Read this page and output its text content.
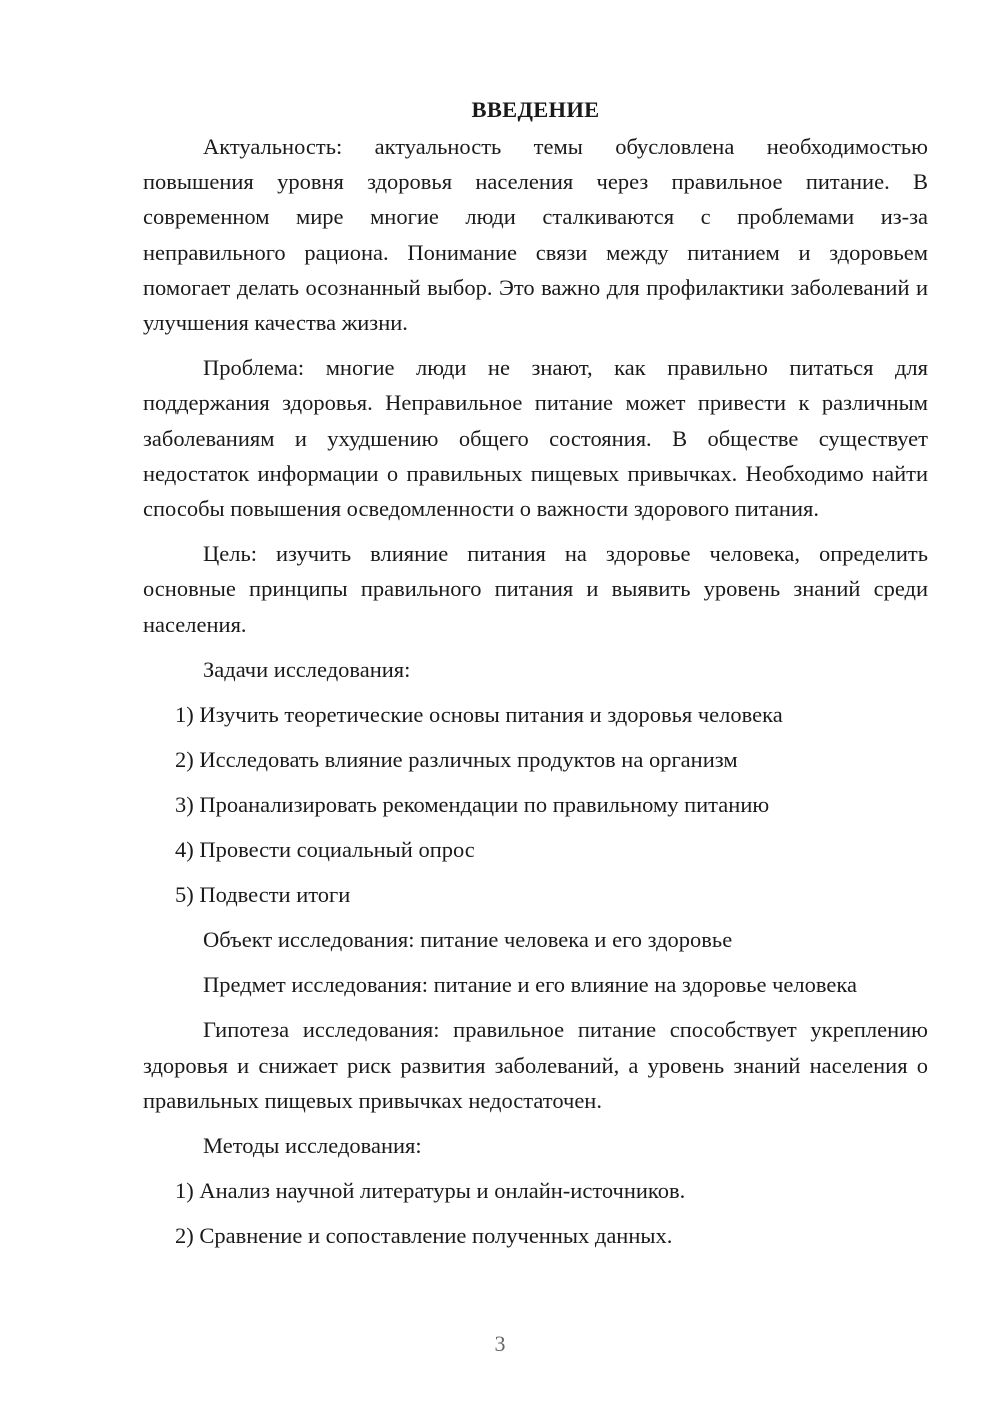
ВВЕДЕНИЕ

Актуальность: актуальность темы обусловлена необходимостью повышения уровня здоровья населения через правильное питание. В современном мире многие люди сталкиваются с проблемами из-за неправильного рациона. Понимание связи между питанием и здоровьем помогает делать осознанный выбор. Это важно для профилактики заболеваний и улучшения качества жизни.

Проблема: многие люди не знают, как правильно питаться для поддержания здоровья. Неправильное питание может привести к различным заболеваниям и ухудшению общего состояния. В обществе существует недостаток информации о правильных пищевых привычках. Необходимо найти способы повышения осведомленности о важности здорового питания.

Цель: изучить влияние питания на здоровье человека, определить основные принципы правильного питания и выявить уровень знаний среди населения.

Задачи исследования:

1) Изучить теоретические основы питания и здоровья человека
2) Исследовать влияние различных продуктов на организм
3) Проанализировать рекомендации по правильному питанию
4) Провести социальный опрос
5) Подвести итоги

Объект исследования: питание человека и его здоровье

Предмет исследования: питание и его влияние на здоровье человека

Гипотеза исследования: правильное питание способствует укреплению здоровья и снижает риск развития заболеваний, а уровень знаний населения о правильных пищевых привычках недостаточен.

Методы исследования:

1) Анализ научной литературы и онлайн-источников.
2) Сравнение и сопоставление полученных данных.
3
